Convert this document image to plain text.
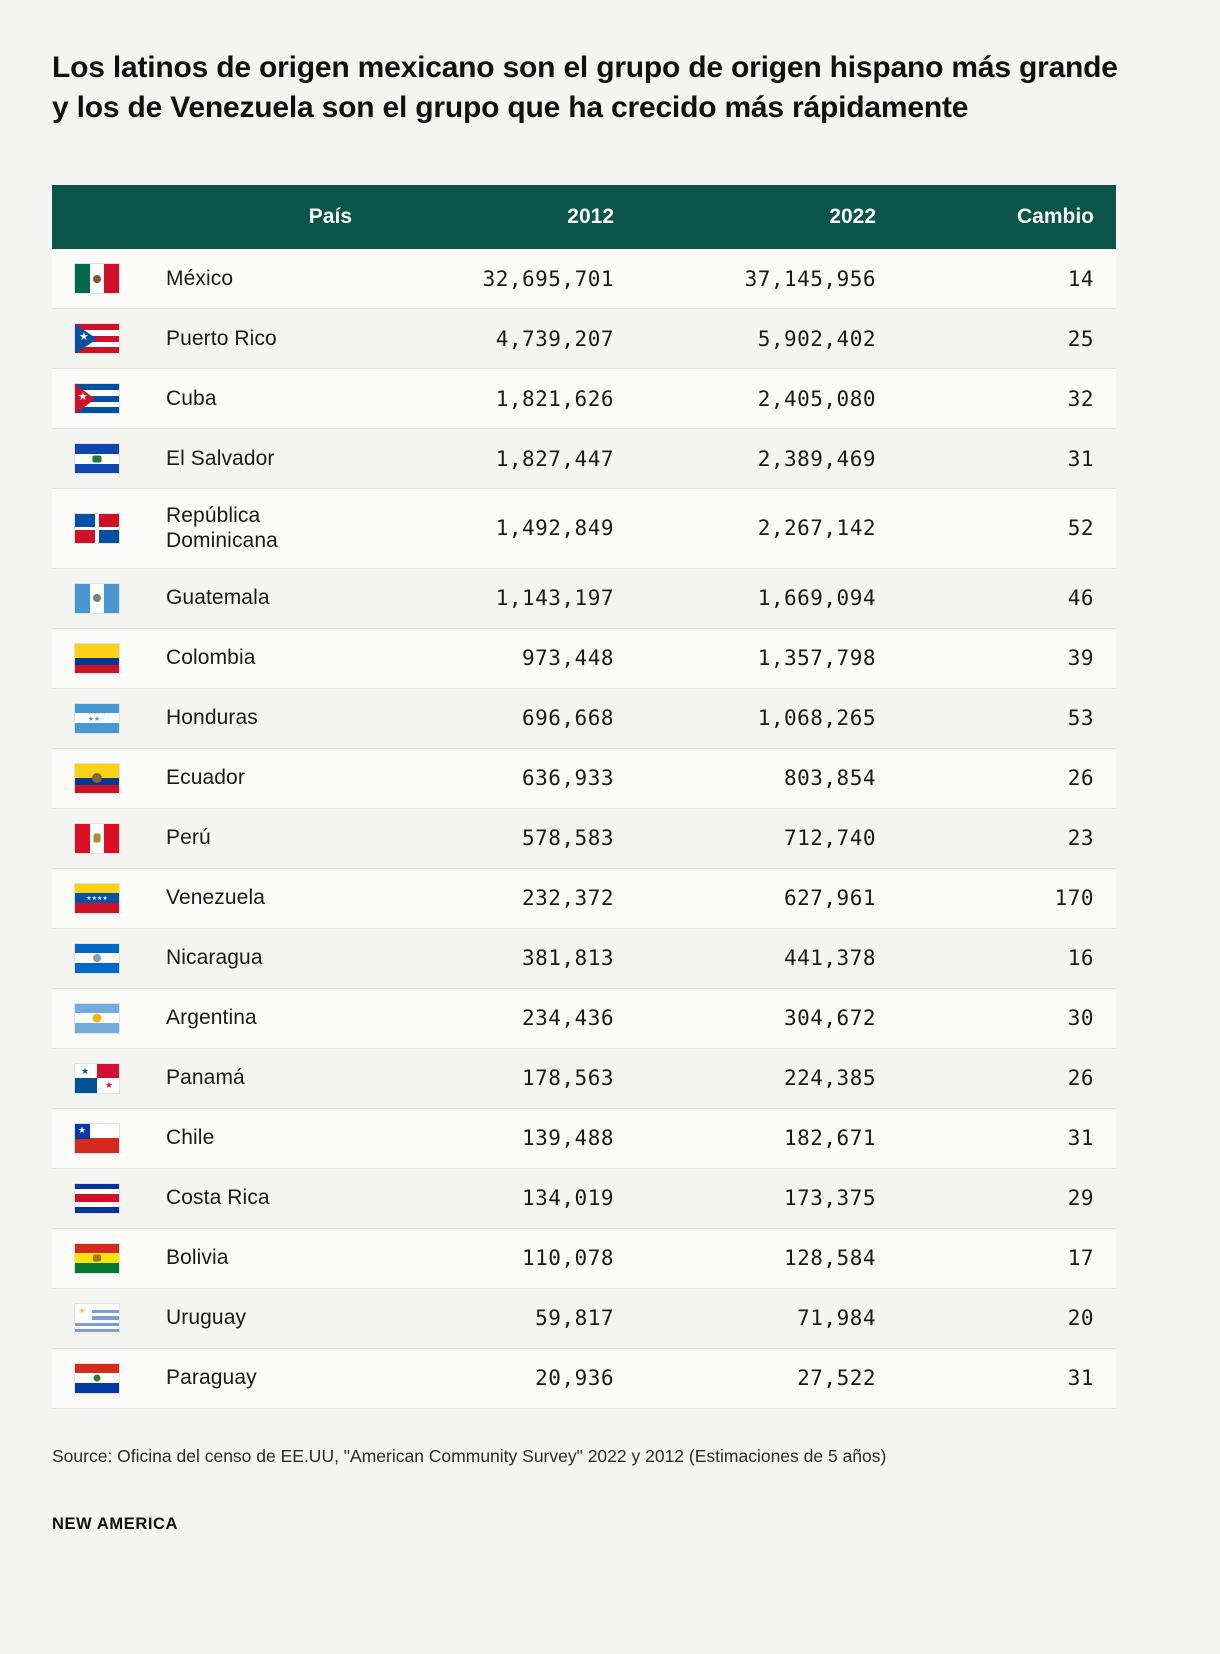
Los latinos de origen mexicano son el grupo de origen hispano más grande y los de Venezuela son el grupo que ha crecido más rápidamente
	País	2012	2022	Cambio

	México	32,695,701	37,145,956	14

★	Puerto Rico	4,739,207	5,902,402	25

★	Cuba	1,821,626	2,405,080	32

	El Salvador	1,827,447	2,389,469	31

	República Dominicana	1,492,849	2,267,142	52

	Guatemala	1,143,197	1,669,094	46

	Colombia	973,448	1,357,798	39

★★★
★★	Honduras	696,668	1,068,265	53

	Ecuador	636,933	803,854	26

	Perú	578,583	712,740	23

★★★★	Venezuela	232,372	627,961	170

	Nicaragua	381,813	441,378	16

	Argentina	234,436	304,672	30

★
★	Panamá	178,563	224,385	26

★	Chile	139,488	182,671	31

	Costa Rica	134,019	173,375	29

	Bolivia	110,078	128,584	17

☀	Uruguay	59,817	71,984	20

	Paraguay	20,936	27,522	31
Source: Oficina del censo de EE.UU, "American Community Survey" 2022 y 2012 (Estimaciones de 5 años)
NEW AMERICA
